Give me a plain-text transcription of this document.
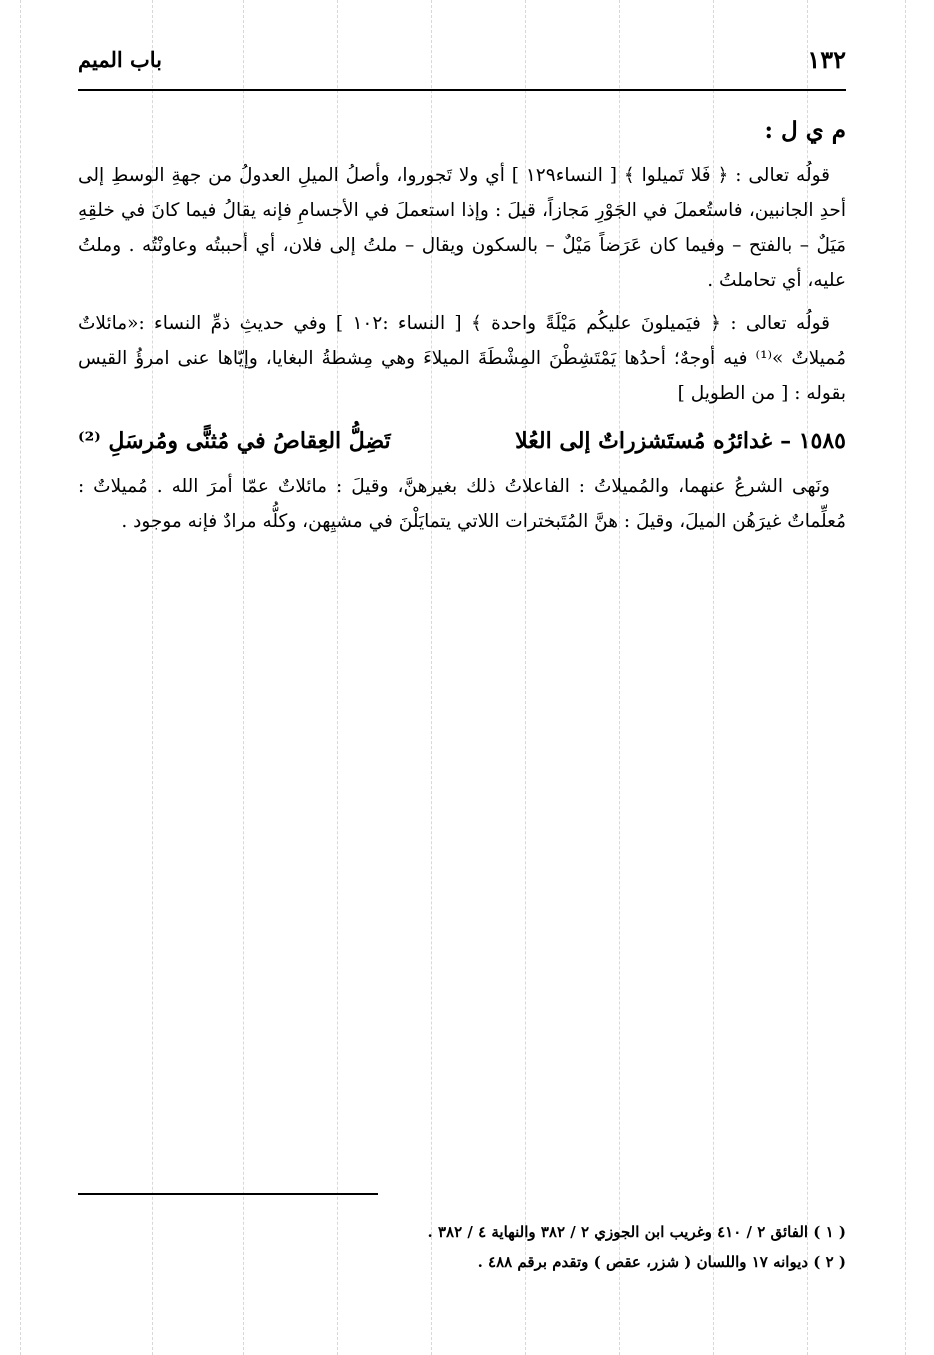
١٣٢
باب الميم
م ي ل :

قولُه تعالى : ﴿ فَلا تَميلوا ﴾ [ النساء١٢٩ ] أي ولا تَجوروا، وأصلُ الميلِ العدولُ من جهةِ الوسطِ إلى أحدِ الجانبين، فاستُعملَ في الجَوْرِ مَجازاً، قيلَ : وإذا استعملَ في الأجسامِ فإنه يقالُ فيما كانَ في خلقِهِ مَيَلٌ – بالفتح – وفيما كان عَرَضاً مَيْلٌ – بالسكون ويقال – ملتُ إلى فلان، أي أحببتُه وعاونْتُه . وملتُ عليه، أي تحاملتُ .

قولُه تعالى : ﴿ فيَميلونَ عليكُم مَيْلَةً واحدة ﴾ [ النساء :١٠٢ ] وفي حديثِ ذمِّ النساء :«مائلاتٌ مُميلاتٌ »⁽¹⁾ فيه أوجهٌ؛ أحدُها يَمْتَشِطْنَ المِشْطَةَ الميلاءَ وهي مِشطةُ البغايا، وإيّاها عنى امرؤُ القيس بقوله : [ من الطويل ]

١٥٨٥ –غدائرُه مُستَشزراتٌ إلى العُلا
تَضِلُّ العِقاصُ في مُثنًّى ومُرسَلِ ⁽²⁾

ونَهى الشرعُ عنهما، والمُميلاتُ : الفاعلاتُ ذلك بغيرهنَّ، وقيلَ : مائلاتٌ عمّا أمرَ الله . مُميلاتٌ : مُعلِّماتٌ غيرَهُن الميلَ، وقيلَ : هنَّ المُتَبخترات اللاتي يتمايَلْنَ في مشيِهن، وكلُّه مرادٌ فإنه موجود .

( ١ ) الفائق ٢ / ٤١٠ وغريب ابن الجوزي ٢ / ٣٨٢ والنهاية ٤ / ٣٨٢ .

( ٢ ) ديوانه ١٧ واللسان ( شزر، عقص ) وتقدم برقم ٤٨٨ .
